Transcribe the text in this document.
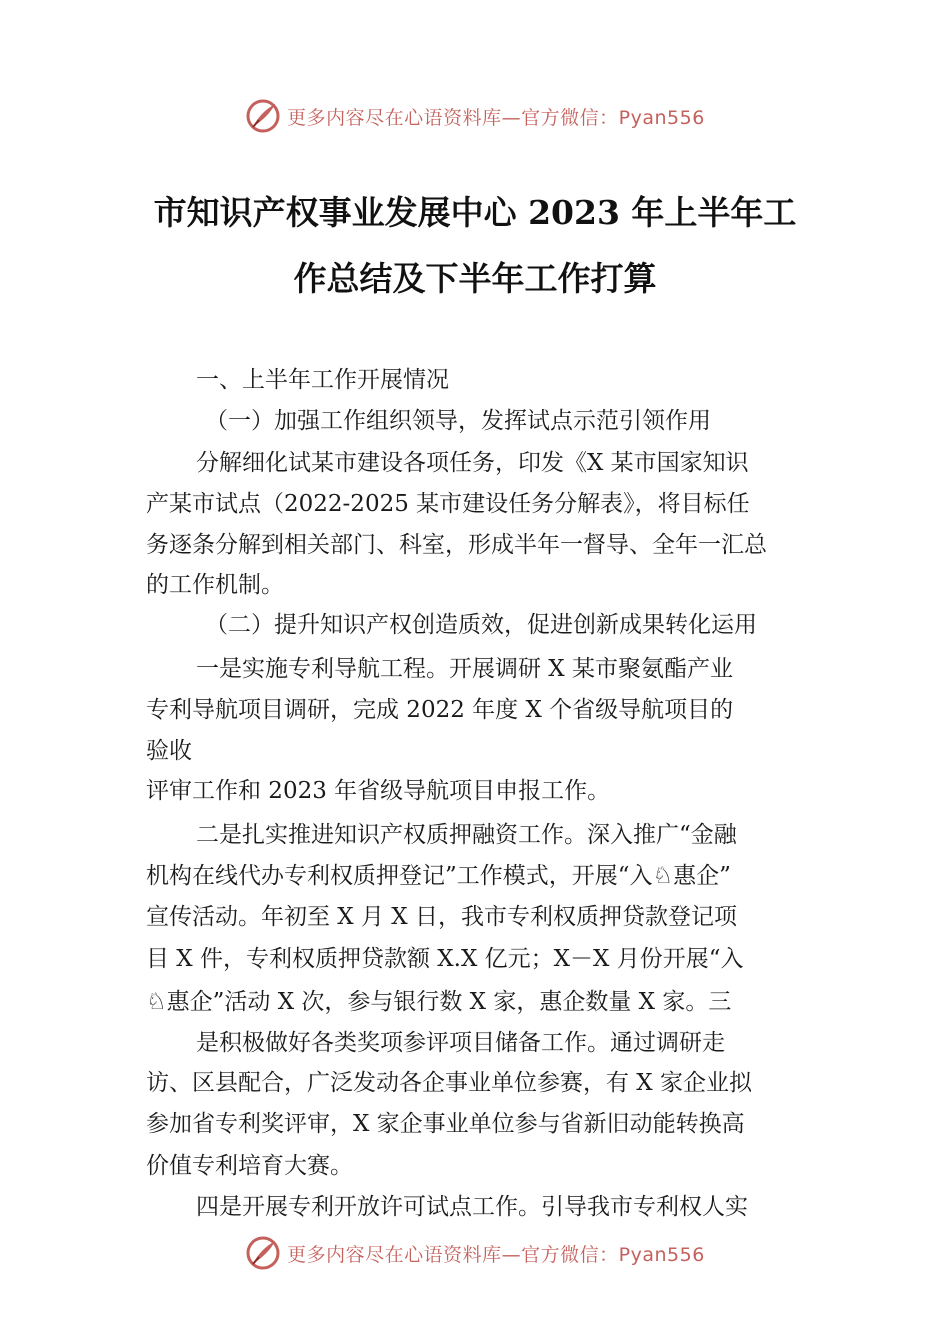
更多内容尽在心语资料库—官方微信：Pyan556
市知识产权事业发展中心 2023 年上半年工
作总结及下半年工作打算
一、上半年工作开展情况
（一）加强工作组织领导，发挥试点示范引领作用
分解细化试某市建设各项任务，印发《X 某市国家知识
产某市试点（2022-2025 某市建设任务分解表》，将目标任
务逐条分解到相关部门、科室，形成半年一督导、全年一汇总
的工作机制。
（二）提升知识产权创造质效，促进创新成果转化运用
一是实施专利导航工程。开展调研 X 某市聚氨酯产业
专利导航项目调研，完成 2022 年度 X 个省级导航项目的
验收
评审工作和 2023 年省级导航项目申报工作。
二是扎实推进知识产权质押融资工作。深入推广“金融
机构在线代办专利权质押登记”工作模式，开展“入♘惠企”
宣传活动。年初至 X 月 X 日，我市专利权质押贷款登记项
目 X 件，专利权质押贷款额 X.X 亿元；X－X 月份开展“入
♘惠企”活动 X 次，参与银行数 X 家，惠企数量 X 家。三
是积极做好各类奖项参评项目储备工作。通过调研走
访、区县配合，广泛发动各企事业单位参赛，有 X 家企业拟
参加省专利奖评审，X 家企事业单位参与省新旧动能转换高
价值专利培育大赛。
四是开展专利开放许可试点工作。引导我市专利权人实
更多内容尽在心语资料库—官方微信：Pyan556
